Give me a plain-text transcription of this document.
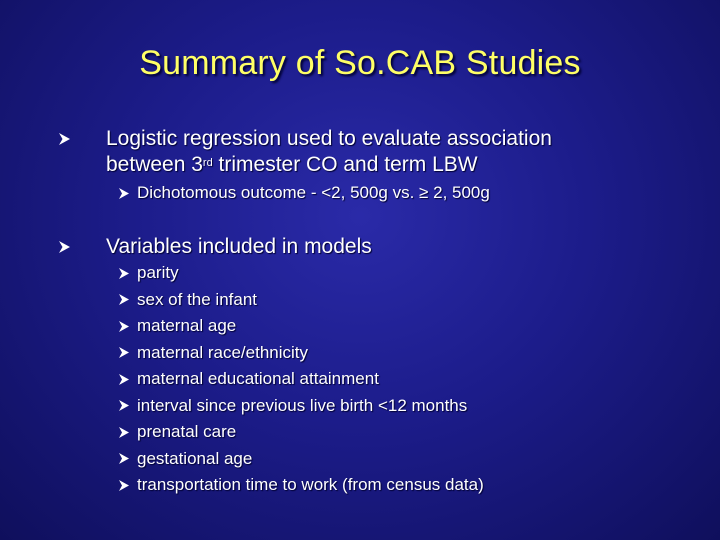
Summary of So.CAB Studies
Logistic regression used to evaluate association
between 3rd trimester CO and term LBW
Dichotomous outcome - <2, 500g vs. ≥ 2, 500g
Variables included in models
parity
sex of the infant
maternal age
maternal race/ethnicity
maternal educational attainment
interval since previous live birth <12 months
prenatal care
gestational age
transportation time to work (from census data)
